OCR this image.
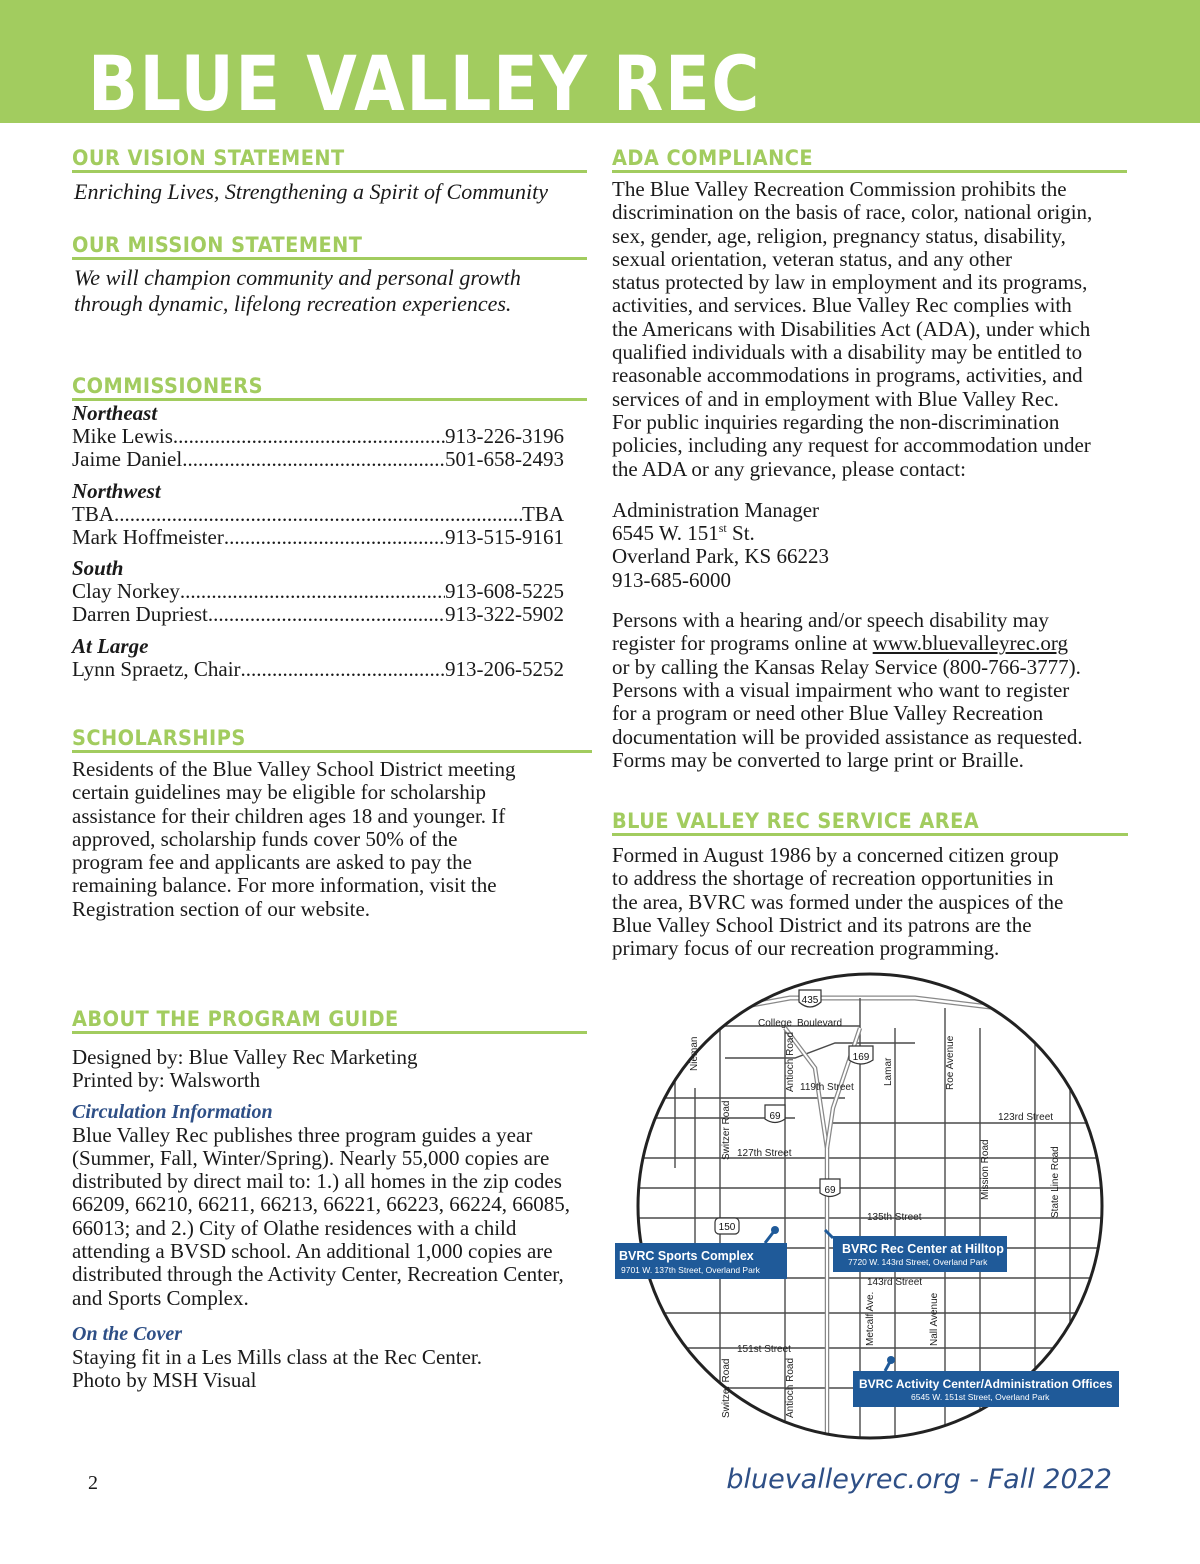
BLUE VALLEY REC
OUR VISION STATEMENT
Enriching Lives, Strengthening a Spirit of Community
OUR MISSION STATEMENT
We will champion community and personal growth
through dynamic, lifelong recreation experiences.
COMMISSIONERS
Northeast
Mike Lewis .....	913-226-3196
Jaime Daniel .....	501-658-2493
Northwest
TBA .....	TBA
Mark Hoffmeister .....	913-515-9161
South
Clay Norkey .....	913-608-5225
Darren Dupriest .....	913-322-5902
At Large
Lynn Spraetz, Chair .....	913-206-5252
SCHOLARSHIPS
Residents of the Blue Valley School District meeting
certain guidelines may be eligible for scholarship
assistance for their children ages 18 and younger. If
approved, scholarship funds cover 50% of the
program fee and applicants are asked to pay the
remaining balance. For more information, visit the
Registration section of our website.
ABOUT THE PROGRAM GUIDE
Designed by: Blue Valley Rec Marketing
Printed by: Walsworth
Circulation Information
Blue Valley Rec publishes three program guides a year
(Summer, Fall, Winter/Spring). Nearly 55,000 copies are
distributed by direct mail to: 1.) all homes in the zip codes
66209, 66210, 66211, 66213, 66221, 66223, 66224, 66085,
66013; and 2.) City of Olathe residences with a child
attending a BVSD school. An additional 1,000 copies are
distributed through the Activity Center, Recreation Center,
and Sports Complex.
On the Cover
Staying fit in a Les Mills class at the Rec Center.
Photo by MSH Visual
ADA COMPLIANCE
The Blue Valley Recreation Commission prohibits the
discrimination on the basis of race, color, national origin,
sex, gender, age, religion, pregnancy status, disability,
sexual orientation, veteran status, and any other
status protected by law in employment and its programs,
activities, and services. Blue Valley Rec complies with
the Americans with Disabilities Act (ADA), under which
qualified individuals with a disability may be entitled to
reasonable accommodations in programs, activities, and
services of and in employment with Blue Valley Rec.
For public inquiries regarding the non-discrimination
policies, including any request for accommodation under
the ADA or any grievance, please contact:
Administration Manager
6545 W. 151st St.
Overland Park, KS 66223
913-685-6000
Persons with a hearing and/or speech disability may
register for programs online at www.bluevalleyrec.org
or by calling the Kansas Relay Service (800-766-3777).
Persons with a visual impairment who want to register
for a program or need other Blue Valley Recreation
documentation will be provided assistance as requested.
Forms may be converted to large print or Braille.
BLUE VALLEY REC SERVICE AREA
Formed in August 1986 by a concerned citizen group
to address the shortage of recreation opportunities in
the area, BVRC was formed under the auspices of the
Blue Valley School District and its patrons are the
primary focus of our recreation programming.
435
169
69
69
150
College Boulevard
119th Street
123rd Street
127th Street
135th Street
143rd Street
151st Street
Nieman	Antioch Road	Lamar	Roe Avenue
Switzer Road
Mission Road	State Line Road
Metcalf Ave.	Nall Avenue
Switzer Road	Antioch Road
BVRC Sports Complex
9701 W. 137th Street, Overland Park
BVRC Rec Center at Hilltop
7720 W. 143rd Street, Overland Park
BVRC Activity Center/Administration Offices
6545 W. 151st Street, Overland Park
2	bluevalleyrec.org - Fall 2022
